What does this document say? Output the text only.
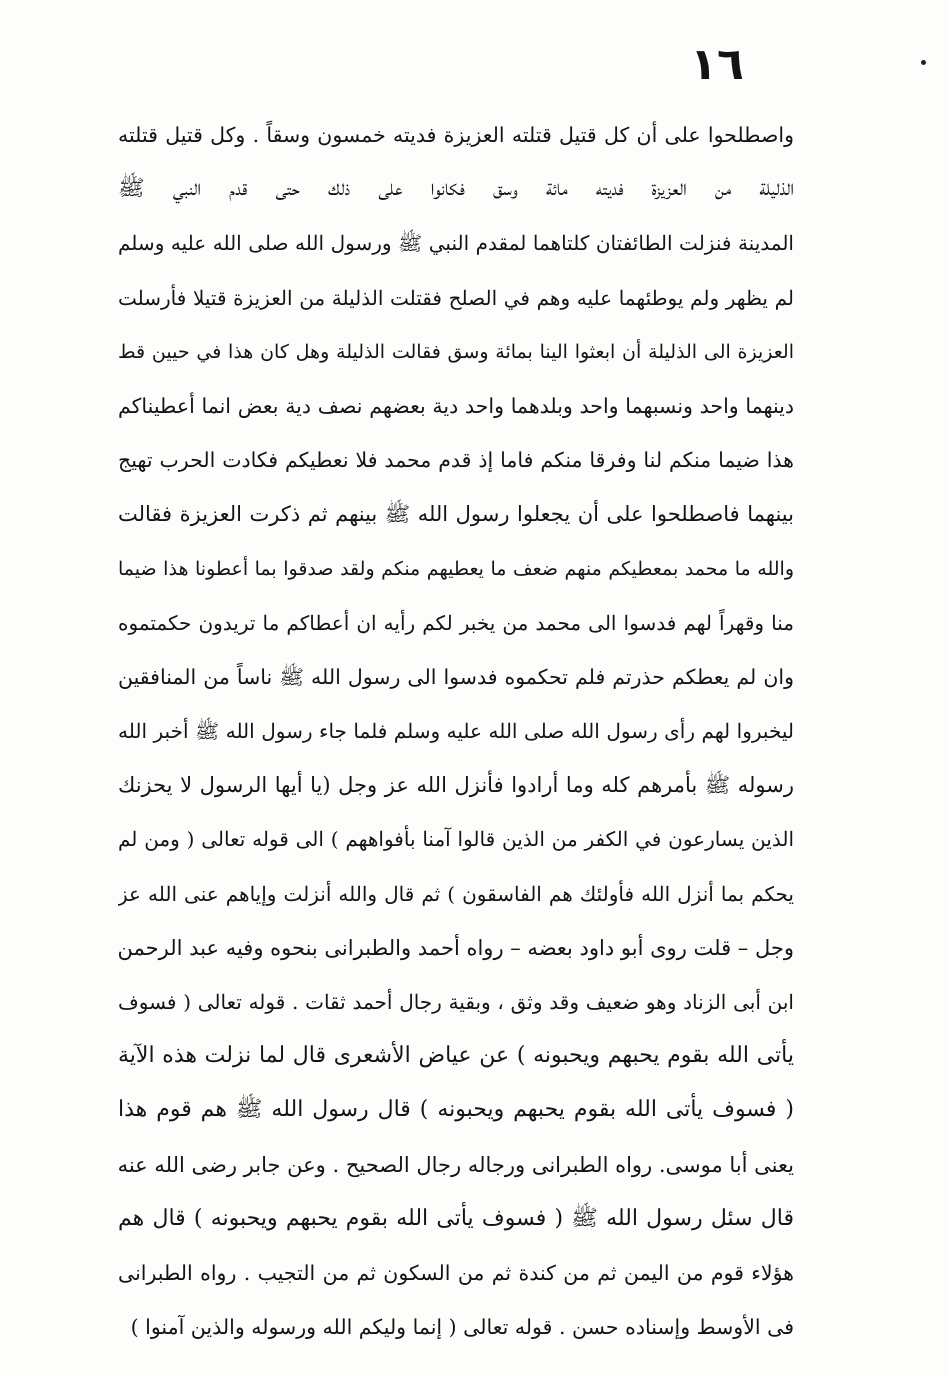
١٦
واصطلحوا على أن كل قتيل قتلته العزيزة فديته خمسون وسقاً . وكل قتيل قتلته
الذليلة من العزيزة فديته مائة وسق فكانوا على ذلك حتى قدم النبي ﷺ
المدينة فنزلت الطائفتان كلتاهما لمقدم النبي ﷺ ورسول الله صلى الله عليه وسلم
لم يظهر ولم يوطئهما عليه وهم في الصلح فقتلت الذليلة من العزيزة قتيلا فأرسلت
العزيزة الى الذليلة أن ابعثوا الينا بمائة وسق فقالت الذليلة وهل كان هذا في حيين قط
دينهما واحد ونسبهما واحد وبلدهما واحد دية بعضهم نصف دية بعض انما أعطيناكم
هذا ضيما منكم لنا وفرقا منكم فاما إذ قدم محمد فلا نعطيكم فكادت الحرب تهيج
بينهما فاصطلحوا على أن يجعلوا رسول الله ﷺ بينهم ثم ذكرت العزيزة فقالت
والله ما محمد بمعطيكم منهم ضعف ما يعطيهم منكم ولقد صدقوا بما أعطونا هذا ضيما
منا وقهراً لهم فدسوا الى محمد من يخبر لكم رأيه ان أعطاكم ما تريدون حكمتموه
وان لم يعطكم حذرتم فلم تحكموه فدسوا الى رسول الله ﷺ ناساً من المنافقين
ليخبروا لهم رأى رسول الله صلى الله عليه وسلم فلما جاء رسول الله ﷺ أخبر الله
رسوله ﷺ بأمرهم كله وما أرادوا فأنزل الله عز وجل (يا أيها الرسول لا يحزنك
الذين يسارعون في الكفر من الذين قالوا آمنا بأفواههم ) الى قوله تعالى ( ومن لم
يحكم بما أنزل الله فأولئك هم الفاسقون ) ثم قال والله أنزلت وإياهم عنى الله عز
وجل – قلت روى أبو داود بعضه – رواه أحمد والطبرانى بنحوه وفيه عبد الرحمن
ابن أبى الزناد وهو ضعيف وقد وثق ، وبقية رجال أحمد ثقات . قوله تعالى ( فسوف
يأتى الله بقوم يحبهم ويحبونه ) عن عياض الأشعرى قال لما نزلت هذه الآية
( فسوف يأتى الله بقوم يحبهم ويحبونه ) قال رسول الله ﷺ هم قوم هذا
يعنى أبا موسى. رواه الطبرانى ورجاله رجال الصحيح . وعن جابر رضى الله عنه
قال سئل رسول الله ﷺ ( فسوف يأتى الله بقوم يحبهم ويحبونه ) قال هم
هؤلاء قوم من اليمن ثم من كندة ثم من السكون ثم من التجيب . رواه الطبرانى
فى الأوسط وإسناده حسن . قوله تعالى ( إنما وليكم الله ورسوله والذين آمنوا )
